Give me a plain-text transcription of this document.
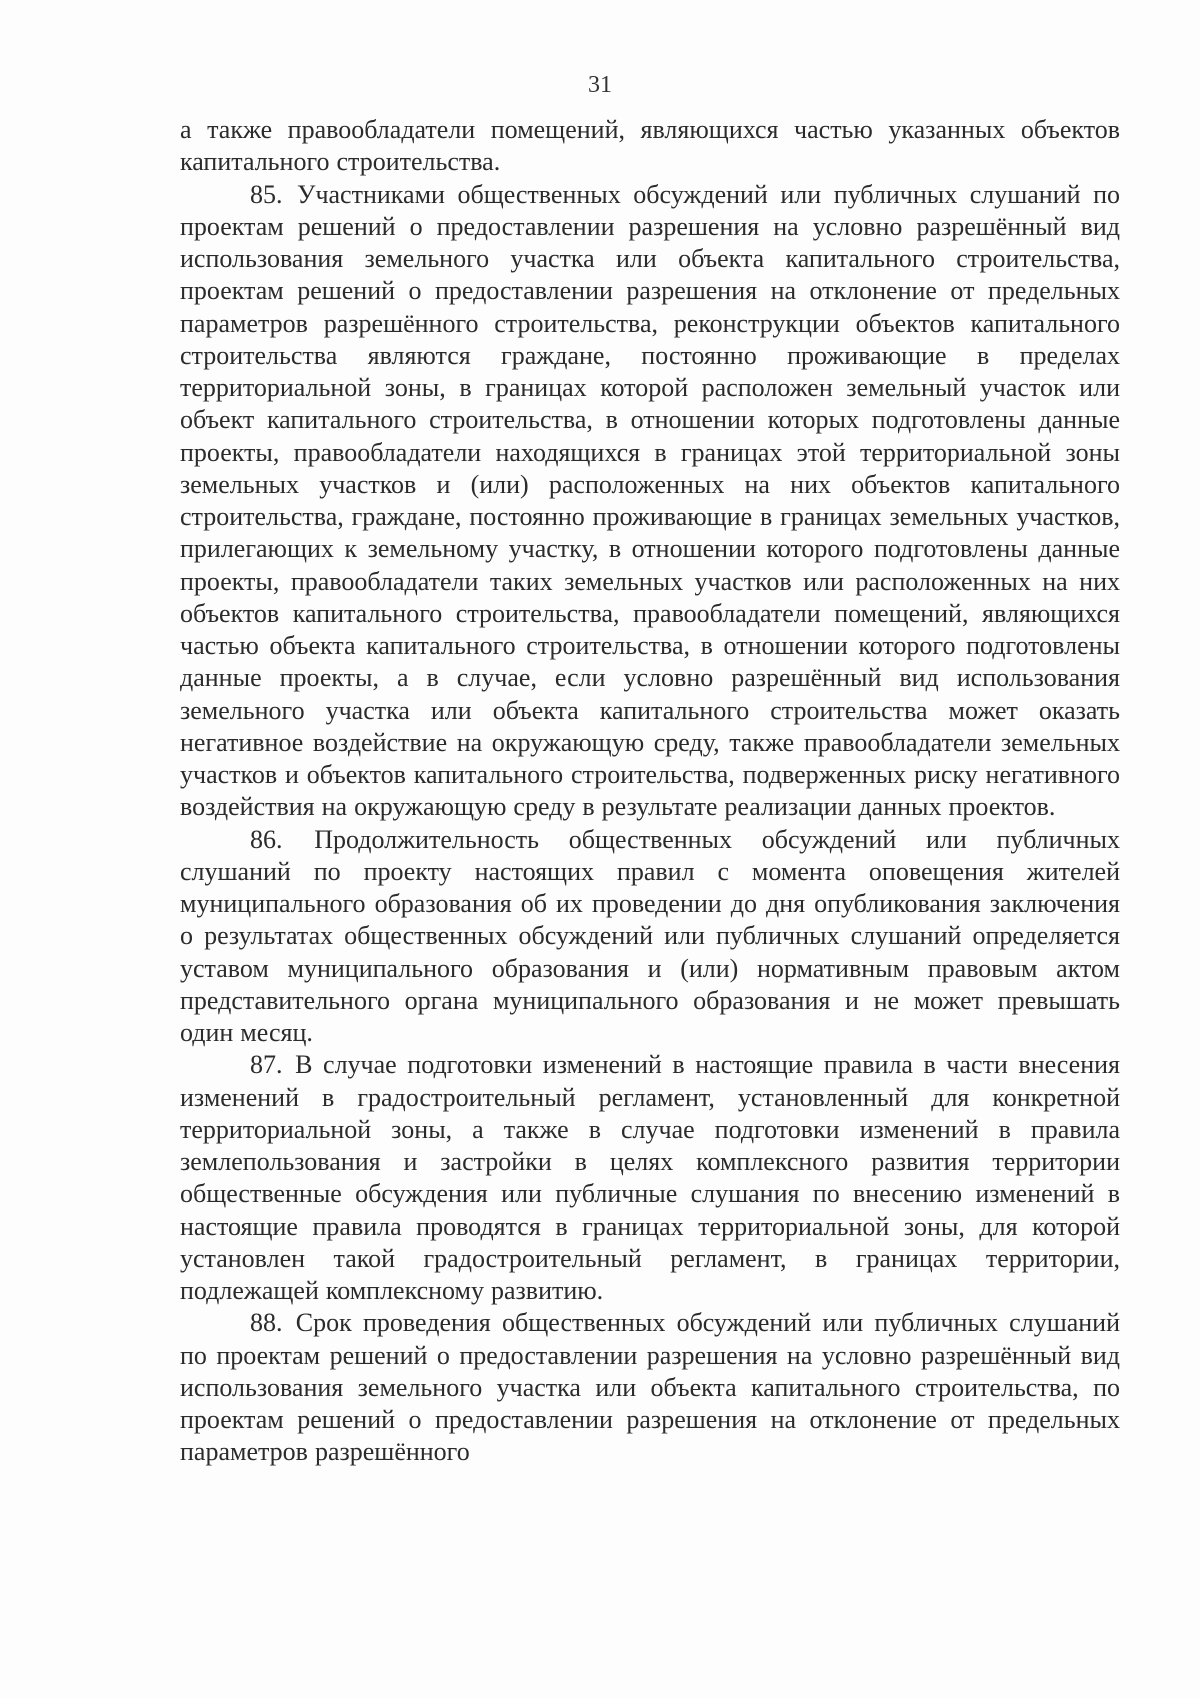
31

а также правообладатели помещений, являющихся частью указанных объектов капитального строительства.

85. Участниками общественных обсуждений или публичных слушаний по проектам решений о предоставлении разрешения на условно разрешённый вид использования земельного участка или объекта капитального строительства, проектам решений о предоставлении разрешения на отклонение от предельных параметров разрешённого строительства, реконструкции объектов капитального строительства являются граждане, постоянно проживающие в пределах территориальной зоны, в границах которой расположен земельный участок или объект капитального строительства, в отношении которых подготовлены данные проекты, правообладатели находящихся в границах этой территориальной зоны земельных участков и (или) расположенных на них объектов капитального строительства, граждане, постоянно проживающие в границах земельных участков, прилегающих к земельному участку, в отношении которого подготовлены данные проекты, правообладатели таких земельных участков или расположенных на них объектов капитального строительства, правообладатели помещений, являющихся частью объекта капитального строительства, в отношении которого подготовлены данные проекты, а в случае, если условно разрешённый вид использования земельного участка или объекта капитального строительства может оказать негативное воздействие на окружающую среду, также правообладатели земельных участков и объектов капитального строительства, подверженных риску негативного воздействия на окружающую среду в результате реализации данных проектов.

86. Продолжительность общественных обсуждений или публичных слушаний по проекту настоящих правил с момента оповещения жителей муниципального образования об их проведении до дня опубликования заключения о результатах общественных обсуждений или публичных слушаний определяется уставом муниципального образования и (или) нормативным правовым актом представительного органа муниципального образования и не может превышать один месяц.

87. В случае подготовки изменений в настоящие правила в части внесения изменений в градостроительный регламент, установленный для конкретной территориальной зоны, а также в случае подготовки изменений в правила землепользования и застройки в целях комплексного развития территории общественные обсуждения или публичные слушания по внесению изменений в настоящие правила проводятся в границах территориальной зоны, для которой установлен такой градостроительный регламент, в границах территории, подлежащей комплексному развитию.

88. Срок проведения общественных обсуждений или публичных слушаний по проектам решений о предоставлении разрешения на условно разрешённый вид использования земельного участка или объекта капитального строительства, по проектам решений о предоставлении разрешения на отклонение от предельных параметров разрешённого
